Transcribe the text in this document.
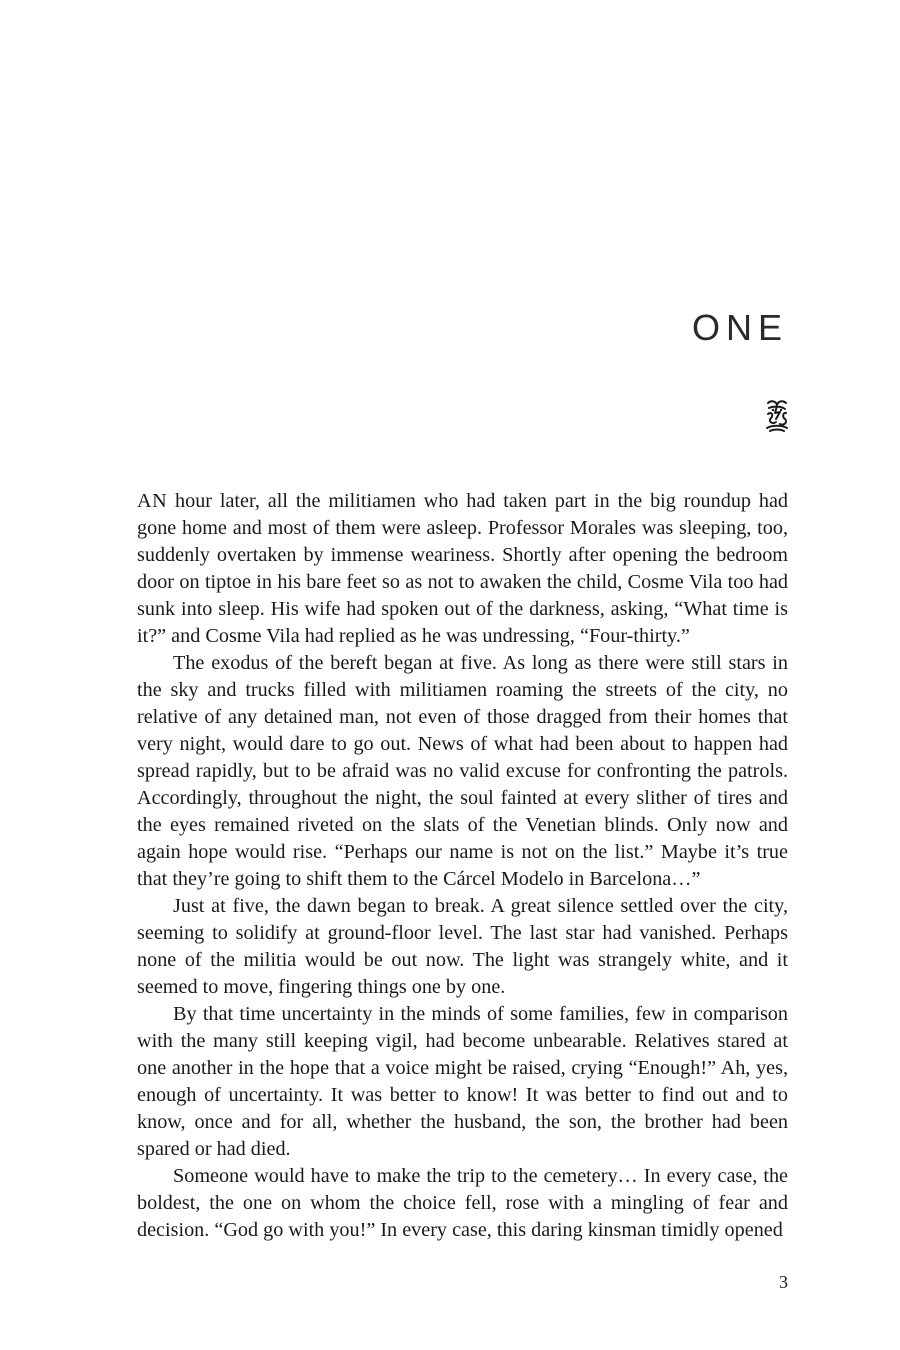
ONE

AN hour later, all the militiamen who had taken part in the big roundup had gone home and most of them were asleep. Professor Morales was sleeping, too, suddenly overtaken by immense weariness. Shortly after opening the bedroom door on tiptoe in his bare feet so as not to awaken the child, Cosme Vila too had sunk into sleep. His wife had spoken out of the darkness, asking, “What time is it?” and Cosme Vila had replied as he was undressing, “Four-thirty.”

The exodus of the bereft began at five. As long as there were still stars in the sky and trucks filled with militiamen roaming the streets of the city, no relative of any detained man, not even of those dragged from their homes that very night, would dare to go out. News of what had been about to happen had spread rapidly, but to be afraid was no valid excuse for confronting the patrols. Accordingly, throughout the night, the soul fainted at every slither of tires and the eyes remained riveted on the slats of the Venetian blinds. Only now and again hope would rise. “Perhaps our name is not on the list.” Maybe it’s true that they’re going to shift them to the Cárcel Modelo in Barcelona…”

Just at five, the dawn began to break. A great silence settled over the city, seeming to solidify at ground-floor level. The last star had vanished. Perhaps none of the militia would be out now. The light was strangely white, and it seemed to move, fingering things one by one.

By that time uncertainty in the minds of some families, few in comparison with the many still keeping vigil, had become unbearable. Relatives stared at one another in the hope that a voice might be raised, crying “Enough!” Ah, yes, enough of uncertainty. It was better to know! It was better to find out and to know, once and for all, whether the husband, the son, the brother had been spared or had died.

Someone would have to make the trip to the cemetery… In every case, the boldest, the one on whom the choice fell, rose with a mingling of fear and decision. “God go with you!” In every case, this daring kinsman timidly opened

3
